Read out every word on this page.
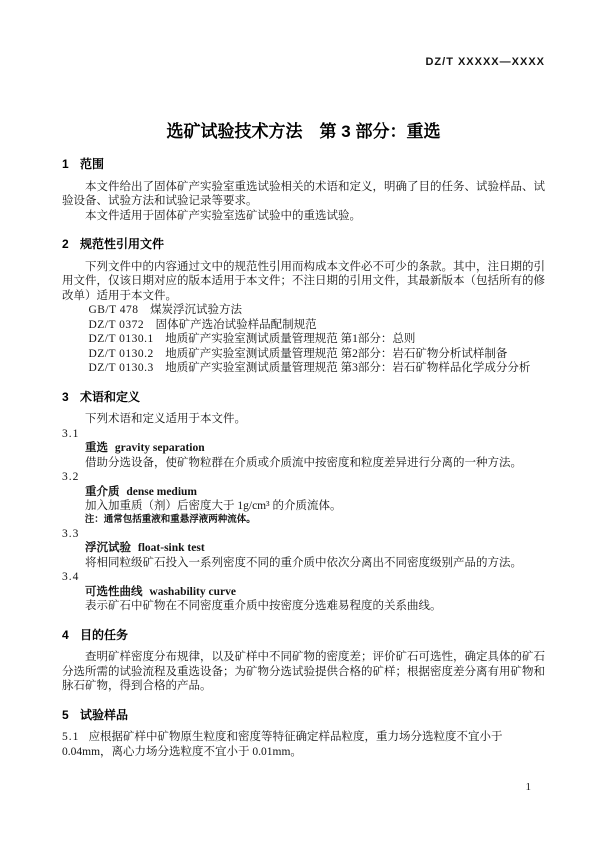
DZ/T XXXXX—XXXX
选矿试验技术方法　第 3 部分：重选
1 范围

本文件给出了固体矿产实验室重选试验相关的术语和定义，明确了目的任务、试验样品、试验设备、试验方法和试验记录等要求。

本文件适用于固体矿产实验室选矿试验中的重选试验。

2 规范性引用文件

下列文件中的内容通过文中的规范性引用而构成本文件必不可少的条款。其中，注日期的引用文件，仅该日期对应的版本适用于本文件；不注日期的引用文件，其最新版本（包括所有的修改单）适用于本文件。

GB/T 478 煤炭浮沉试验方法
DZ/T 0372 固体矿产选冶试验样品配制规范
DZ/T 0130.1 地质矿产实验室测试质量管理规范 第1部分：总则
DZ/T 0130.2 地质矿产实验室测试质量管理规范 第2部分：岩石矿物分析试样制备
DZ/T 0130.3 地质矿产实验室测试质量管理规范 第3部分：岩石矿物样品化学成分分析
3 术语和定义

下列术语和定义适用于本文件。

3.1
重选 gravity separation
借助分选设备，使矿物粒群在介质或介质流中按密度和粒度差异进行分离的一种方法。
3.2
重介质 dense medium
加入加重质（剂）后密度大于 1g/cm³ 的介质流体。
注：通常包括重液和重悬浮液两种流体。
3.3
浮沉试验 float-sink test
将相同粒级矿石投入一系列密度不同的重介质中依次分离出不同密度级别产品的方法。
3.4
可选性曲线 washability curve
表示矿石中矿物在不同密度重介质中按密度分选难易程度的关系曲线。
4 目的任务

查明矿样密度分布规律，以及矿样中不同矿物的密度差；评价矿石可选性，确定具体的矿石分选所需的试验流程及重选设备；为矿物分选试验提供合格的矿样；根据密度差分离有用矿物和脉石矿物，得到合格的产品。

5 试验样品

5.1 应根据矿样中矿物原生粒度和密度等特征确定样品粒度，重力场分选粒度不宜小于 0.04mm，离心力场分选粒度不宜小于 0.01mm。

1
